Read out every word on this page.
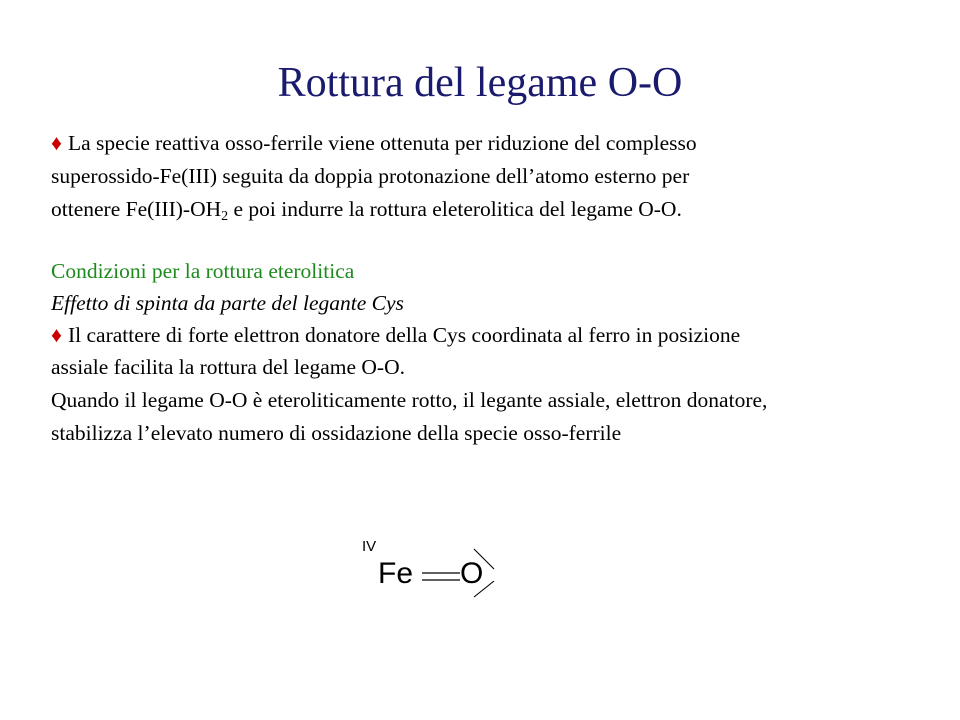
Rottura del legame O-O
♦ La specie reattiva osso-ferrile viene ottenuta per riduzione del complesso
superossido-Fe(III) seguita da doppia protonazione dell’atomo esterno per
ottenere $Fe(III)-OH_2$ e poi indurre la rottura eleterolitica del legame O-O.
Condizioni per la rottura eterolitica
Effetto di spinta da parte del legante Cys
♦ Il carattere di forte elettron donatore della Cys coordinata al ferro in posizione
assiale facilita la rottura del legame O-O.
Quando il legame O-O è eteroliticamente rotto, il legante assiale, elettron donatore,
stabilizza l’elevato numero di ossidazione della specie osso-ferrile
IV
Fe O
